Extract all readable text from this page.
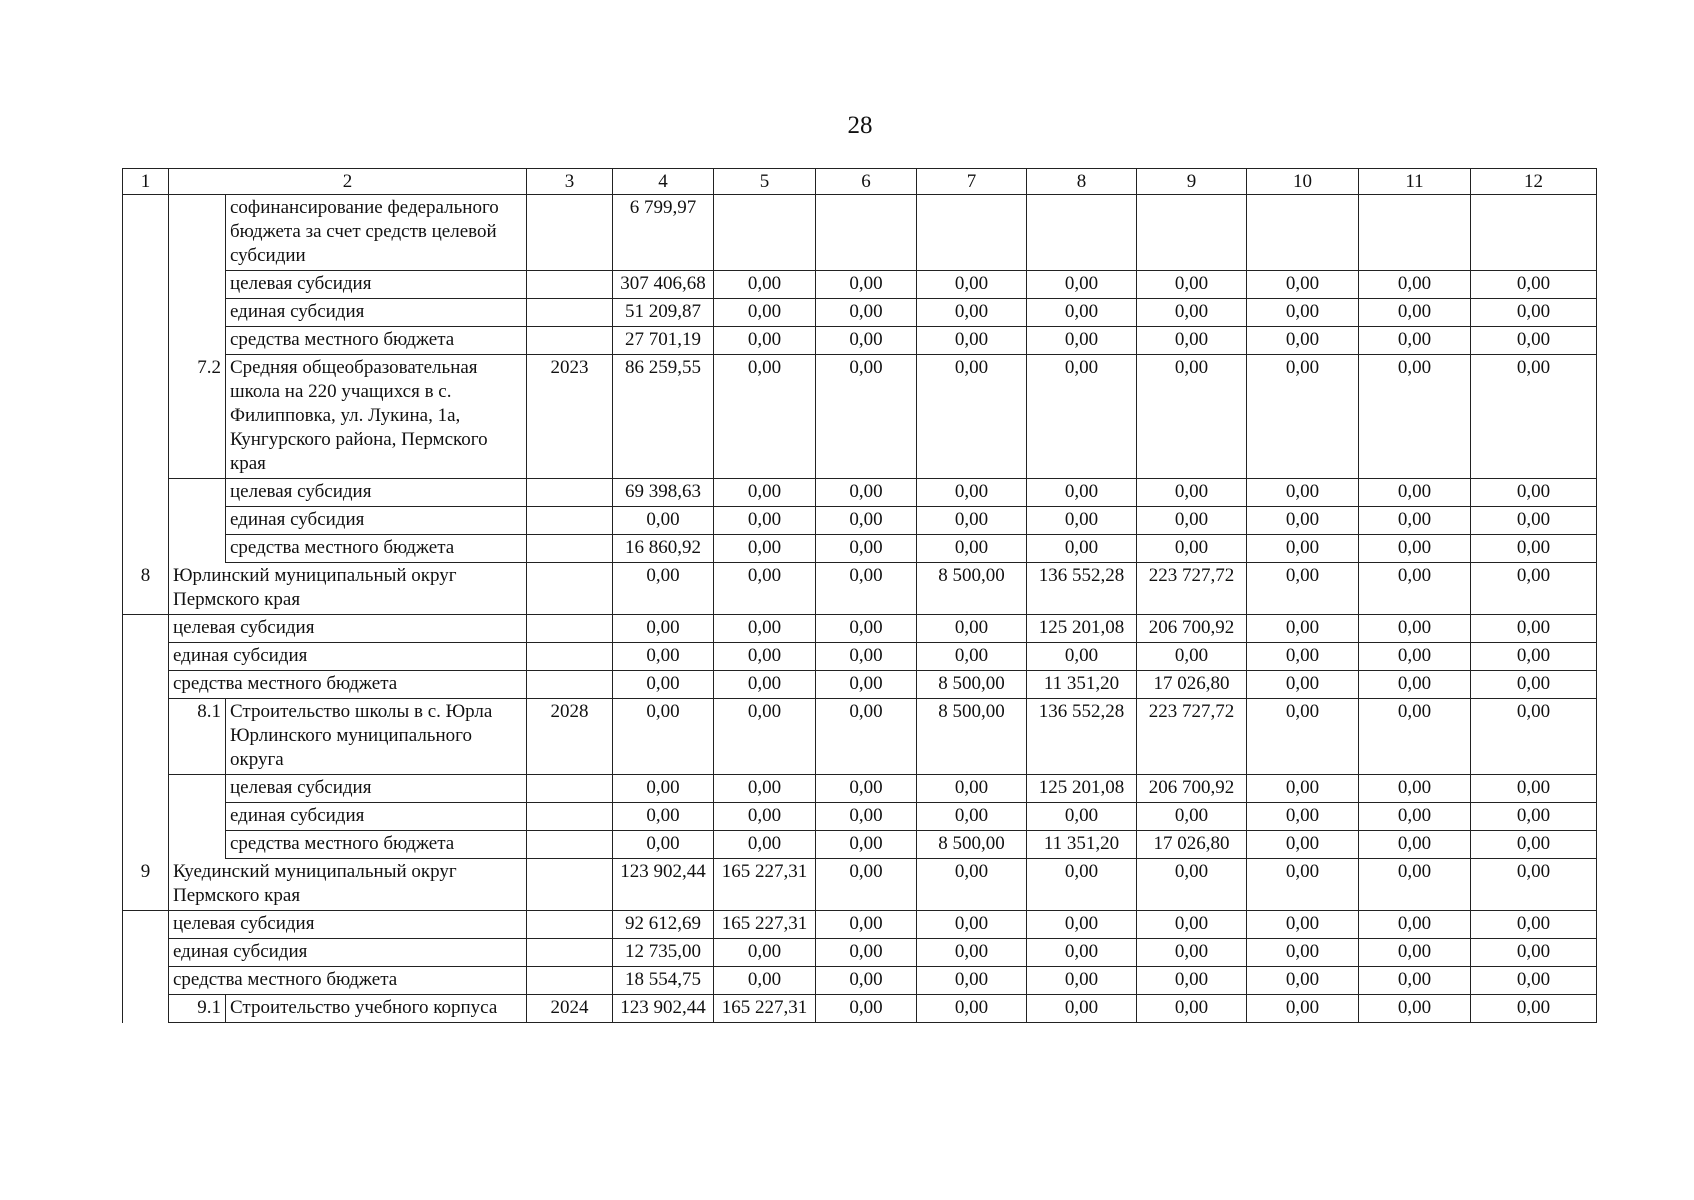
28
1	2		3	4	5	6	7	8	9	10	11	12
		софинансирование федерального бюджета за счет средств целевой субсидии		6 799,97								
		целевая субсидия		307 406,68	0,00	0,00	0,00	0,00	0,00	0,00	0,00	0,00
		единая субсидия		51 209,87	0,00	0,00	0,00	0,00	0,00	0,00	0,00	0,00
		средства местного бюджета		27 701,19	0,00	0,00	0,00	0,00	0,00	0,00	0,00	0,00
	7.2	Средняя общеобразовательная школа на 220 учащихся в с. Филипповка, ул. Лукина, 1а, Кунгурского района, Пермского края	2023	86 259,55	0,00	0,00	0,00	0,00	0,00	0,00	0,00	0,00
		целевая субсидия		69 398,63	0,00	0,00	0,00	0,00	0,00	0,00	0,00	0,00
		единая субсидия		0,00	0,00	0,00	0,00	0,00	0,00	0,00	0,00	0,00
		средства местного бюджета		16 860,92	0,00	0,00	0,00	0,00	0,00	0,00	0,00	0,00
8	Юрлинский муниципальный округ Пермского края			0,00	0,00	0,00	8 500,00	136 552,28	223 727,72	0,00	0,00	0,00
	целевая субсидия			0,00	0,00	0,00	0,00	125 201,08	206 700,92	0,00	0,00	0,00
	единая субсидия			0,00	0,00	0,00	0,00	0,00	0,00	0,00	0,00	0,00
	средства местного бюджета			0,00	0,00	0,00	8 500,00	11 351,20	17 026,80	0,00	0,00	0,00
	8.1	Строительство школы в с. Юрла Юрлинского муниципального округа	2028	0,00	0,00	0,00	8 500,00	136 552,28	223 727,72	0,00	0,00	0,00
		целевая субсидия		0,00	0,00	0,00	0,00	125 201,08	206 700,92	0,00	0,00	0,00
		единая субсидия		0,00	0,00	0,00	0,00	0,00	0,00	0,00	0,00	0,00
		средства местного бюджета		0,00	0,00	0,00	8 500,00	11 351,20	17 026,80	0,00	0,00	0,00
9	Куединский муниципальный округ Пермского края			123 902,44	165 227,31	0,00	0,00	0,00	0,00	0,00	0,00	0,00
	целевая субсидия			92 612,69	165 227,31	0,00	0,00	0,00	0,00	0,00	0,00	0,00
	единая субсидия			12 735,00	0,00	0,00	0,00	0,00	0,00	0,00	0,00	0,00
	средства местного бюджета			18 554,75	0,00	0,00	0,00	0,00	0,00	0,00	0,00	0,00
	9.1	Строительство учебного корпуса	2024	123 902,44	165 227,31	0,00	0,00	0,00	0,00	0,00	0,00	0,00
